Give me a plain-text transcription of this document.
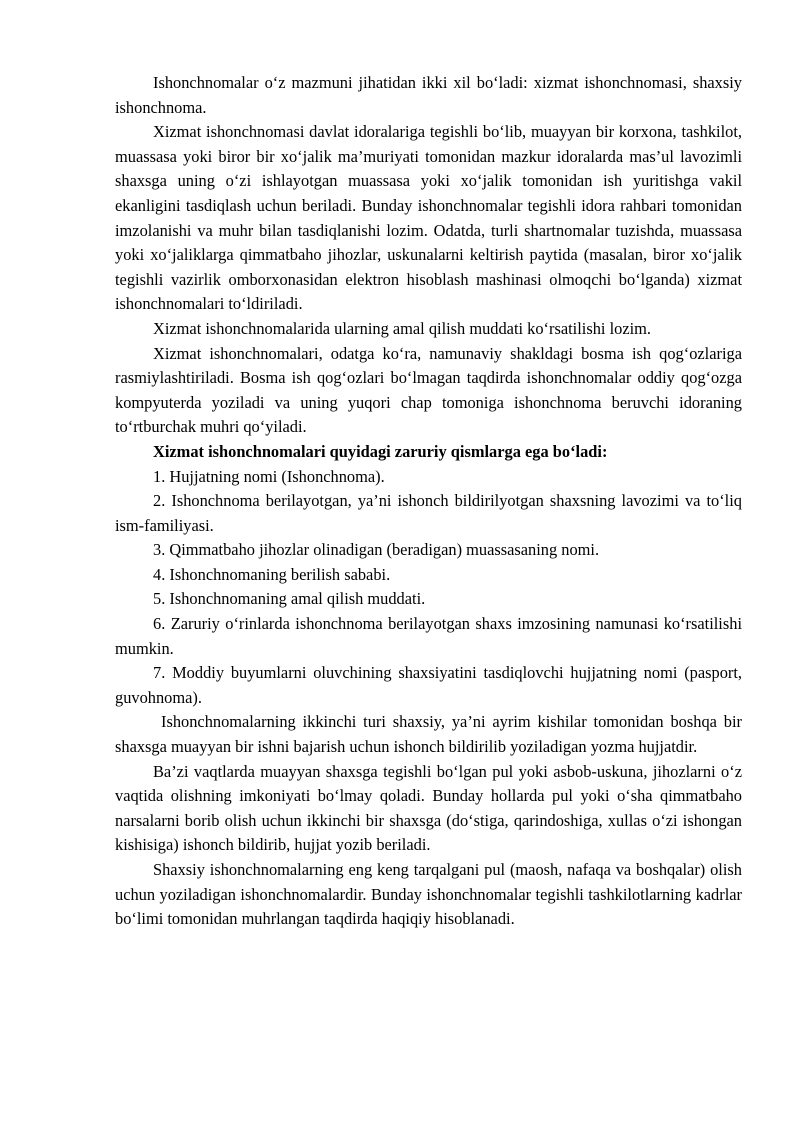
Ishonchnomalar o‘z mazmuni jihatidan ikki xil bo‘ladi: xizmat ishonchnomasi, shaxsiy ishonchnoma.

Xizmat ishonchnomasi davlat idoralariga tegishli bo‘lib, muayyan bir korxona, tashkilot, muassasa yoki biror bir xo‘jalik ma’muriyati tomonidan mazkur idoralarda mas’ul lavozimli shaxsga uning o‘zi ishlayotgan muassasa yoki xo‘jalik tomonidan ish yuritishga vakil ekanligini tasdiqlash uchun beriladi. Bunday ishonchnomalar tegishli idora rahbari tomonidan imzolanishi va muhr bilan tasdiqlanishi lozim. Odatda, turli shartnomalar tuzishda, muassasa yoki xo‘jaliklarga qimmatbaho jihozlar, uskunalarni keltirish paytida (masalan, biror xo‘jalik tegishli vazirlik omborxonasidan elektron hisoblash mashinasi olmoqchi bo‘lganda) xizmat ishonchnomalari to‘ldiriladi.

Xizmat ishonchnomalarida ularning amal qilish muddati ko‘rsatilishi lozim.

Xizmat ishonchnomalari, odatga ko‘ra, namunaviy shakldagi bosma ish qog‘ozlariga rasmiylashtiriladi. Bosma ish qog‘ozlari bo‘lmagan taqdirda ishonchnomalar oddiy qog‘ozga kompyuterda yoziladi va uning yuqori chap tomoniga ishonchnoma beruvchi idoraning to‘rtburchak muhri qo‘yiladi.

Xizmat ishonchnomalari quyidagi zaruriy qismlarga ega bo‘ladi:

1. Hujjatning nomi (Ishonchnoma).

2. Ishonchnoma berilayotgan, ya’ni ishonch bildirilyotgan shaxsning lavozimi va to‘liq ism-familiyasi.

3. Qimmatbaho jihozlar olinadigan (beradigan) muassasaning nomi.

4. Ishonchnomaning berilish sababi.

5. Ishonchnomaning amal qilish muddati.

6. Zaruriy o‘rinlarda ishonchnoma berilayotgan shaxs imzosining namunasi ko‘rsatilishi mumkin.

7. Moddiy buyumlarni oluvchining shaxsiyatini tasdiqlovchi hujjatning nomi (pasport, guvohnoma).

Ishonchnomalarning ikkinchi turi shaxsiy, ya’ni ayrim kishilar tomonidan boshqa bir shaxsga muayyan bir ishni bajarish uchun ishonch bildirilib yoziladigan yozma hujjatdir.

Ba’zi vaqtlarda muayyan shaxsga tegishli bo‘lgan pul yoki asbob-uskuna, jihozlarni o‘z vaqtida olishning imkoniyati bo‘lmay qoladi. Bunday hollarda pul yoki o‘sha qimmatbaho narsalarni borib olish uchun ikkinchi bir shaxsga (do‘stiga, qarindoshiga, xullas o‘zi ishongan kishisiga) ishonch bildirib, hujjat yozib beriladi.

Shaxsiy ishonchnomalarning eng keng tarqalgani pul (maosh, nafaqa va boshqalar) olish uchun yoziladigan ishonchnomalardir. Bunday ishonchnomalar tegishli tashkilotlarning kadrlar bo‘limi tomonidan muhrlangan taqdirda haqiqiy hisoblanadi.
